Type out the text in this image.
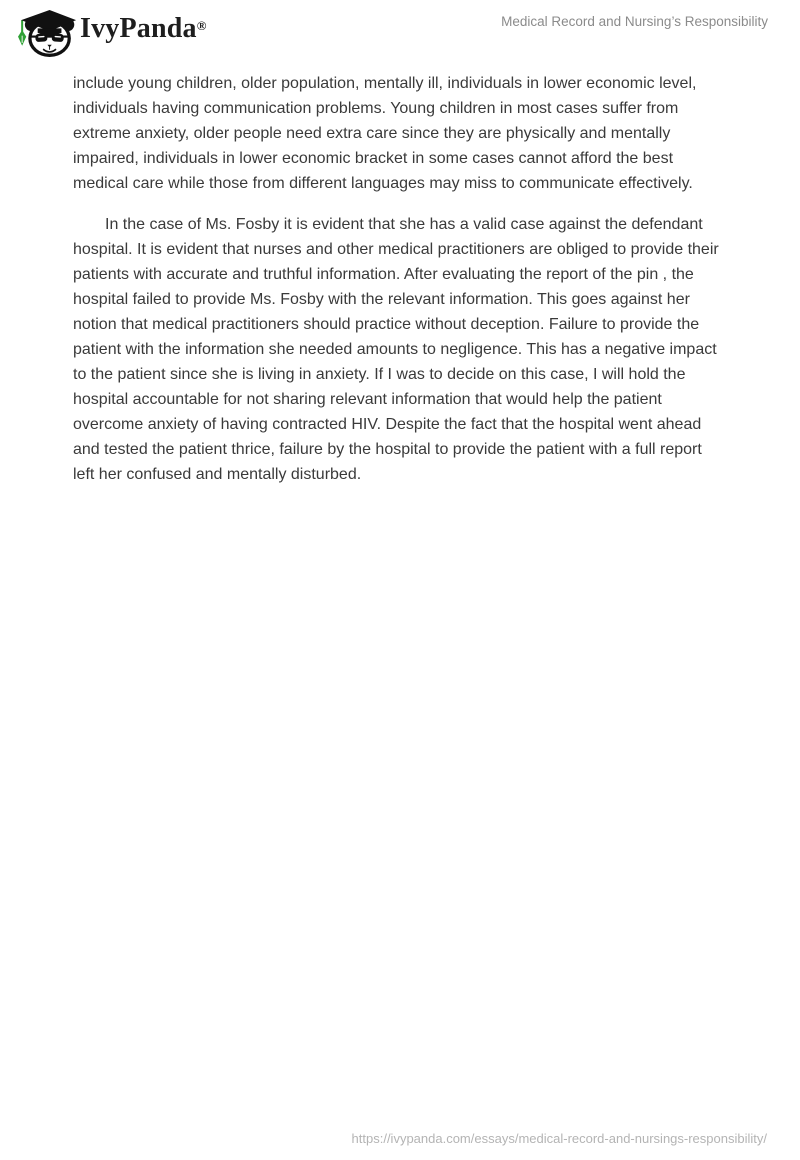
IvyPanda®	Medical Record and Nursing’s Responsibility

include young children, older population, mentally ill, individuals in lower economic level, individuals having communication problems. Young children in most cases suffer from extreme anxiety, older people need extra care since they are physically and mentally impaired, individuals in lower economic bracket in some cases cannot afford the best medical care while those from different languages may miss to communicate effectively.

In the case of Ms. Fosby it is evident that she has a valid case against the defendant hospital. It is evident that nurses and other medical practitioners are obliged to provide their patients with accurate and truthful information. After evaluating the report of the pin , the hospital failed to provide Ms. Fosby with the relevant information. This goes against her notion that medical practitioners should practice without deception. Failure to provide the patient with the information she needed amounts to negligence. This has a negative impact to the patient since she is living in anxiety. If I was to decide on this case, I will hold the hospital accountable for not sharing relevant information that would help the patient overcome anxiety of having contracted HIV. Despite the fact that the hospital went ahead and tested the patient thrice, failure by the hospital to provide the patient with a full report left her confused and mentally disturbed.

https://ivypanda.com/essays/medical-record-and-nursings-responsibility/
